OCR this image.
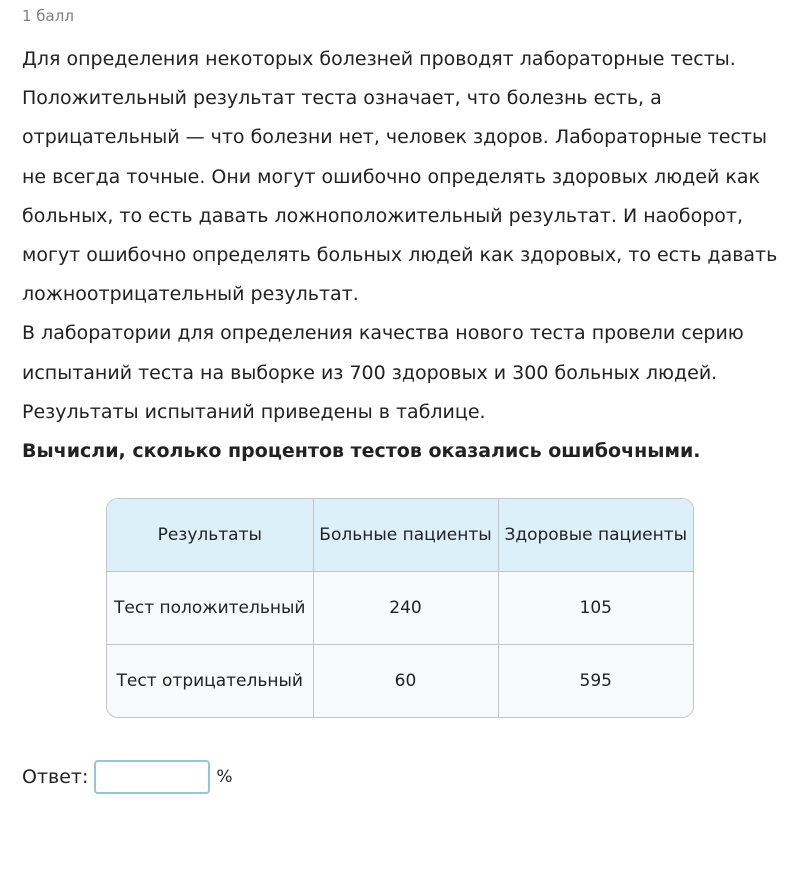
1 балл

Для определения некоторых болезней проводят лабораторные тесты. Положительный результат теста означает, что болезнь есть, а отрицательный — что болезни нет, человек здоров. Лабораторные тесты не всегда точные. Они могут ошибочно определять здоровых людей как больных, то есть давать ложноположительный результат. И наоборот, могут ошибочно определять больных людей как здоровых, то есть давать ложноотрицательный результат.

В лаборатории для определения качества нового теста провели серию испытаний теста на выборке из 700 здоровых и 300 больных людей. Результаты испытаний приведены в таблице.

Вычисли, сколько процентов тестов оказались ошибочными.

Результаты	Больные пациенты	Здоровые пациенты
Тест положительный	240	105
Тест отрицательный	60	595
Ответ:	%
